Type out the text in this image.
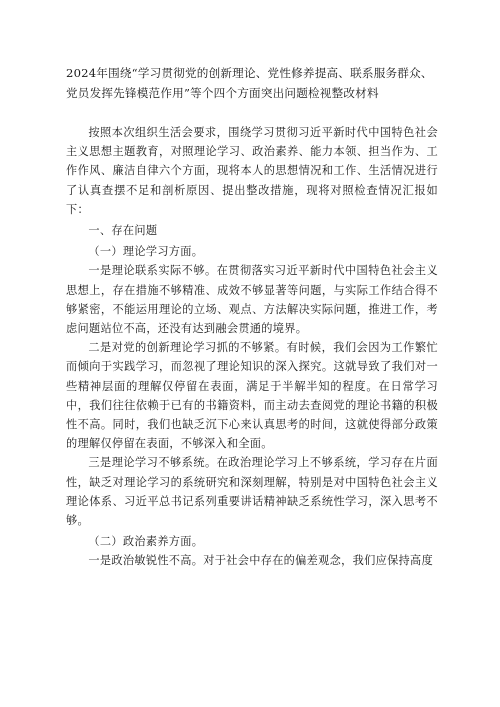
2024年围绕“学习贯彻党的创新理论、党性修养提高、联系服务群众、

党员发挥先锋模范作用”等个四个方面突出问题检视整改材料

按照本次组织生活会要求，围绕学习贯彻习近平新时代中国特色社会主义思想主题教育，对照理论学习、政治素养、能力本领、担当作为、工作作风、廉洁自律六个方面，现将本人的思想情况和工作、生活情况进行了认真查摆不足和剖析原因、提出整改措施，现将对照检查情况汇报如下：

一、存在问题

（一）理论学习方面。

一是理论联系实际不够。在贯彻落实习近平新时代中国特色社会主义思想上，存在措施不够精准、成效不够显著等问题，与实际工作结合得不够紧密，不能运用理论的立场、观点、方法解决实际问题，推进工作，考虑问题站位不高，还没有达到融会贯通的境界。

二是对党的创新理论学习抓的不够紧。有时候，我们会因为工作繁忙而倾向于实践学习，而忽视了理论知识的深入探究。这就导致了我们对一些精神层面的理解仅停留在表面，满足于半解半知的程度。在日常学习中，我们往往依赖于已有的书籍资料，而主动去查阅党的理论书籍的积极性不高。同时，我们也缺乏沉下心来认真思考的时间，这就使得部分政策的理解仅停留在表面，不够深入和全面。

三是理论学习不够系统。在政治理论学习上不够系统，学习存在片面性，缺乏对理论学习的系统研究和深刻理解，特别是对中国特色社会主义理论体系、习近平总书记系列重要讲话精神缺乏系统性学习，深入思考不够。

（二）政治素养方面。

一是政治敏锐性不高。对于社会中存在的偏差观念，我们应保持高度
